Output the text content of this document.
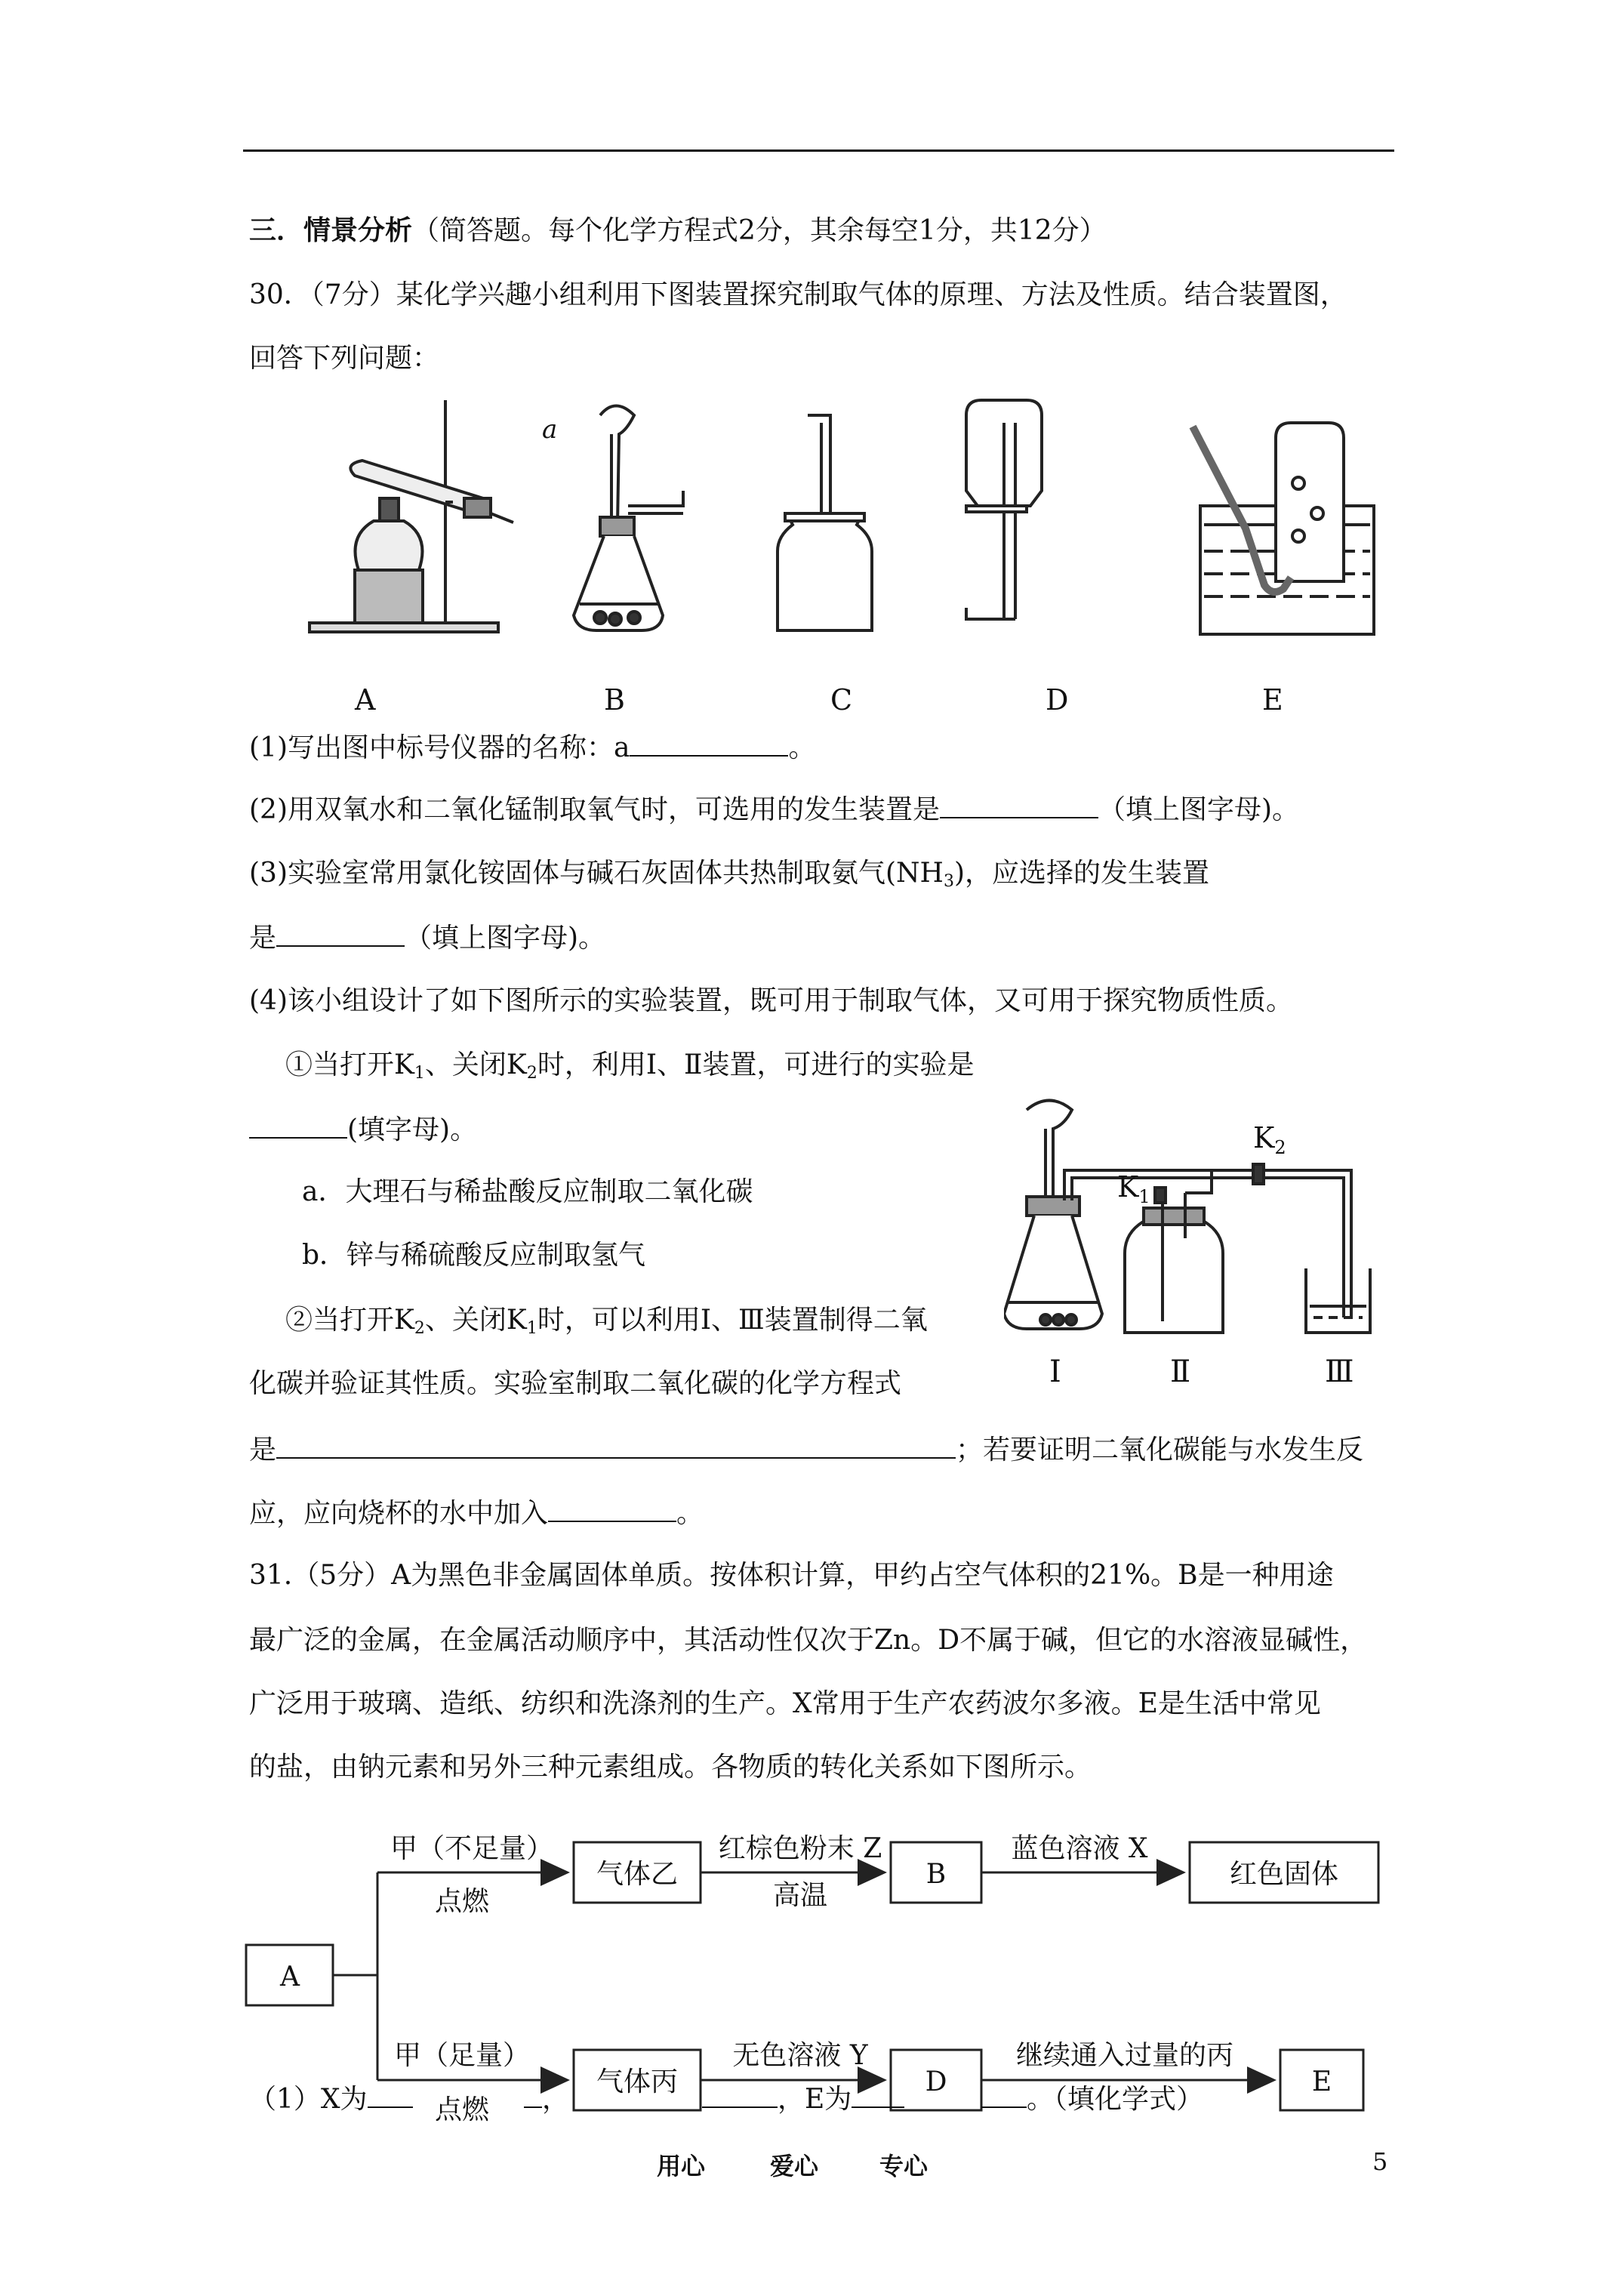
三．情景分析（简答题。每个化学方程式2分，其余每空1分，共12分）
30．（7分）某化学兴趣小组利用下图装置探究制取气体的原理、方法及性质。结合装置图，
回答下列问题：
a
A	B	C	D	E
(1)写出图中标号仪器的名称：a	。
(2)用双氧水和二氧化锰制取氧气时，可选用的发生装置是	（填上图字母)。
(3)实验室常用氯化铵固体与碱石灰固体共热制取氨气$(NH_3)$，应选择的发生装置
是	（填上图字母)。
(4)该小组设计了如下图所示的实验装置，既可用于制取气体，又可用于探究物质性质。
①当打开$K_1$、关闭$K_2$时，利用Ⅰ、Ⅱ装置，可进行的实验是
(填字母)。
a．大理石与稀盐酸反应制取二氧化碳
b．锌与稀硫酸反应制取氢气
②当打开$K_2$、关闭$K_1$时，可以利用Ⅰ、Ⅲ装置制得二氧
化碳并验证其性质。实验室制取二氧化碳的化学方程式
是	；若要证明二氧化碳能与水发生反
应，应向烧杯的水中加入	。
$K_2$
$K_1$
Ⅰ	Ⅱ	Ⅲ
31.（5分）A为黑色非金属固体单质。按体积计算，甲约占空气体积的21%。B是一种用途
最广泛的金属，在金属活动顺序中，其活动性仅次于Zn。D不属于碱，但它的水溶液显碱性，
广泛用于玻璃、造纸、纺织和洗涤剂的生产。X常用于生产农药波尔多液。E是生活中常见
的盐，由钠元素和另外三种元素组成。各物质的转化关系如下图所示。
A
气体乙	B	红色固体
气体丙	D	E
甲（不足量）
点燃
红棕色粉末 Z
高温
蓝色溶液 X
甲（足量）
点燃
无色溶液 Y	继续通入过量的丙
（1）X为	，	，E为	。（填化学式）
用心	爱心	专心	5
